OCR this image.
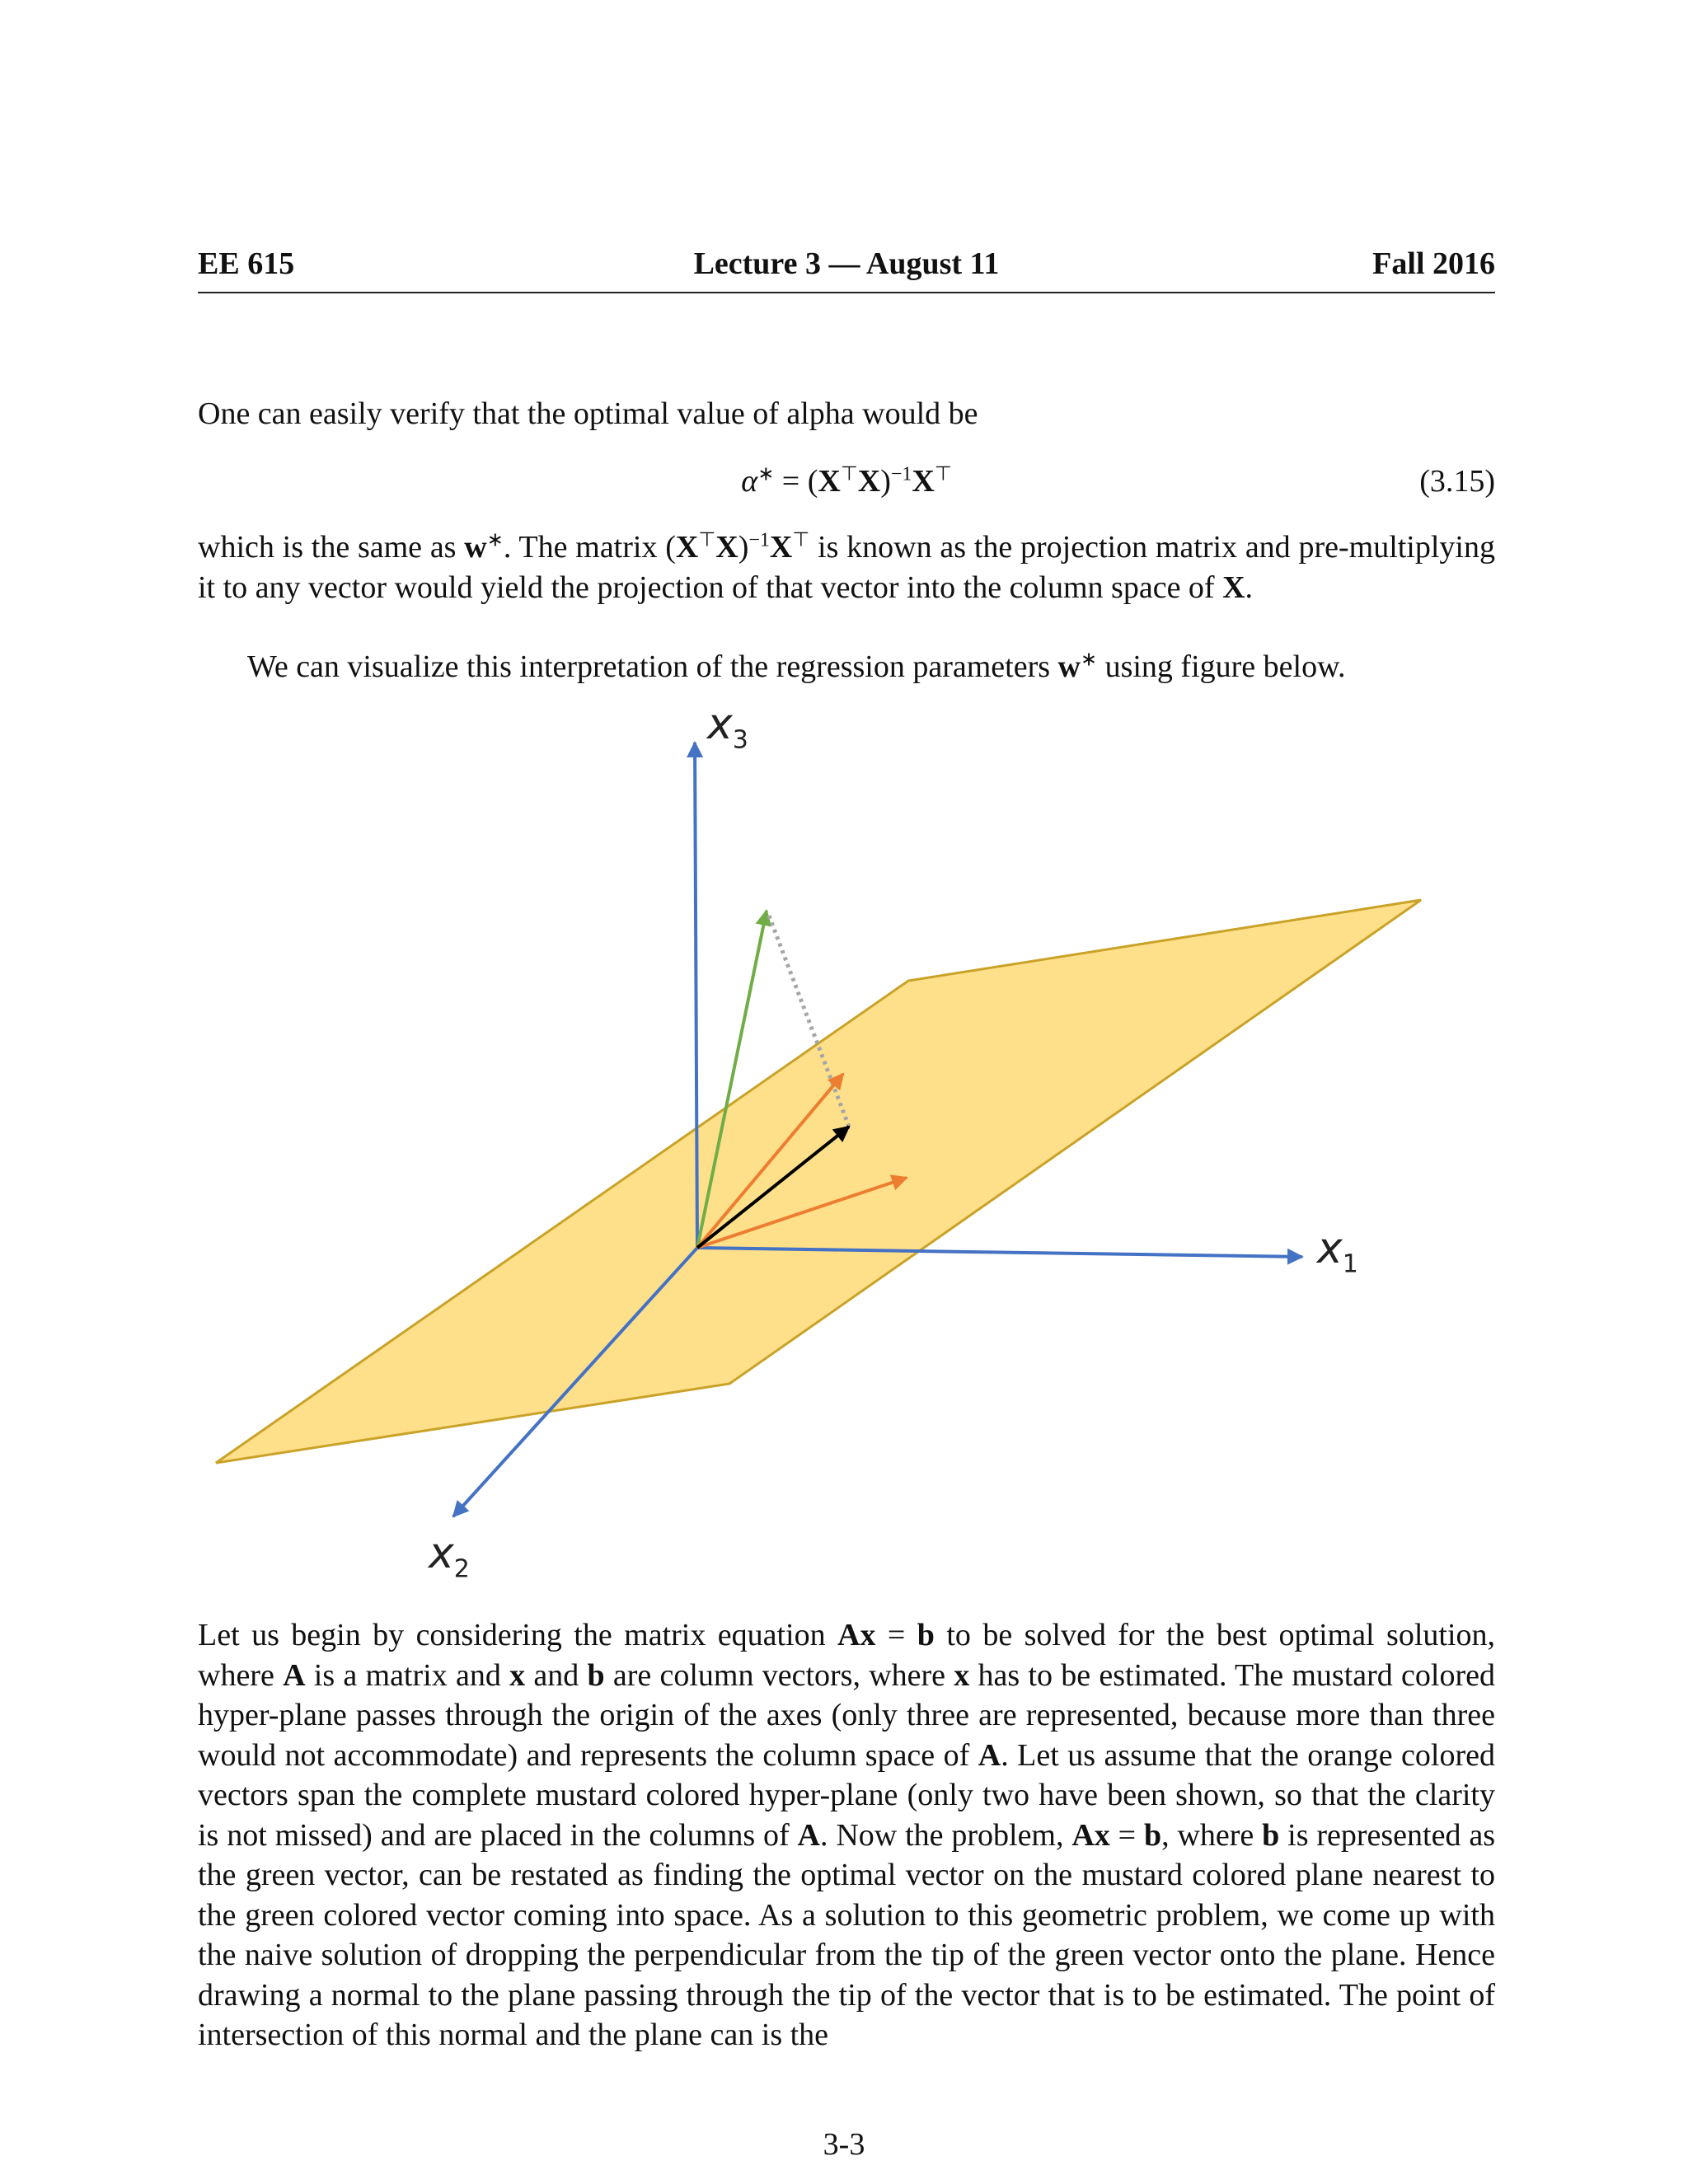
EE 615	Lecture 3 — August 11	Fall 2016

One can easily verify that the optimal value of alpha would be

$\alpha^∗ = (X^⊤X)^{-1}X^⊤$	(3.15)

which is the same as w∗. The matrix $(X^⊤X)^{-1}X^⊤$ is known as the projection matrix and pre-multiplying it to any vector would yield the projection of that vector into the column space of X.

We can visualize this interpretation of the regression parameters w∗ using figure below.

$x_3$
$x_1$
$x_2$

Let us begin by considering the matrix equation Ax = b to be solved for the best optimal solution, where A is a matrix and x and b are column vectors, where x has to be estimated. The mustard colored hyper-plane passes through the origin of the axes (only three are represented, because more than three would not accommodate) and represents the column space of A. Let us assume that the orange colored vectors span the complete mustard colored hyper-plane (only two have been shown, so that the clarity is not missed) and are placed in the columns of A. Now the problem, Ax = b, where b is represented as the green vector, can be restated as finding the optimal vector on the mustard colored plane nearest to the green colored vector coming into space. As a solution to this geometric problem, we come up with the naive solution of dropping the perpendicular from the tip of the green vector onto the plane. Hence drawing a normal to the plane passing through the tip of the vector that is to be estimated. The point of intersection of this normal and the plane can is the

3-3
